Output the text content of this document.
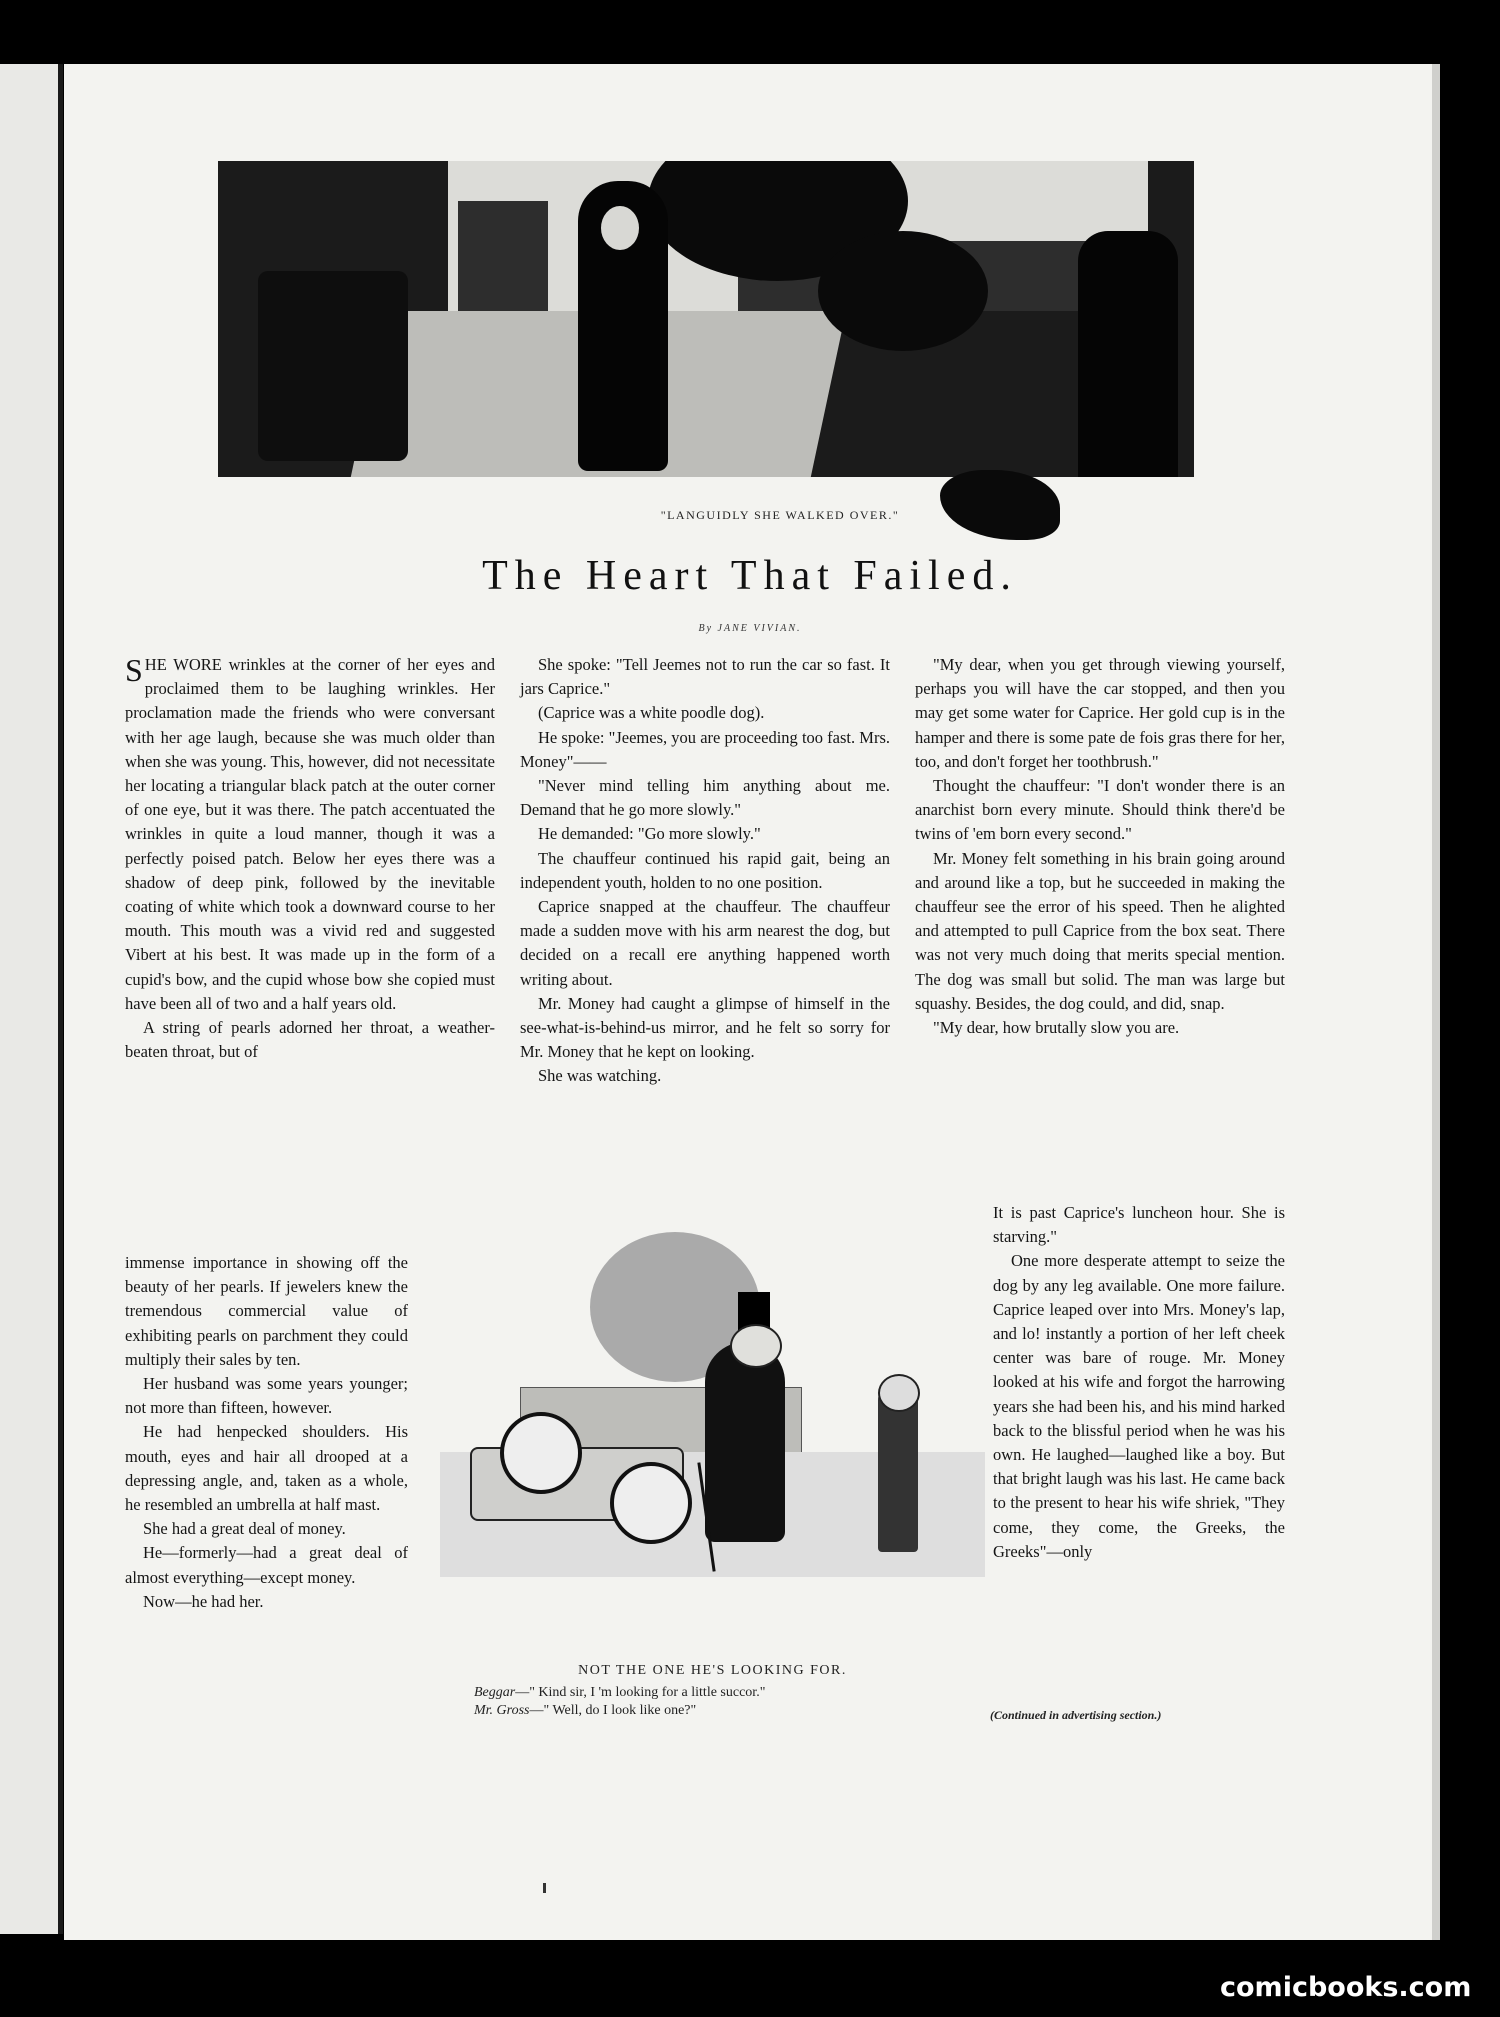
"LANGUIDLY SHE WALKED OVER."
The Heart That Failed.
By JANE VIVIAN.

SHE WORE wrinkles at the corner of her eyes and proclaimed them to be laughing wrinkles. Her proclamation made the friends who were conversant with her age laugh, because she was much older than when she was young. This, however, did not necessitate her locating a triangular black patch at the outer corner of one eye, but it was there. The patch accentuated the wrinkles in quite a loud manner, though it was a perfectly poised patch. Below her eyes there was a shadow of deep pink, followed by the inevitable coating of white which took a downward course to her mouth. This mouth was a vivid red and suggested Vibert at his best. It was made up in the form of a cupid's bow, and the cupid whose bow she copied must have been all of two and a half years old.

A string of pearls adorned her throat, a weather-beaten throat, but of

immense importance in showing off the beauty of her pearls. If jewelers knew the tremendous commercial value of exhibiting pearls on parchment they could multiply their sales by ten.

Her husband was some years younger; not more than fifteen, however.

He had henpecked shoulders. His mouth, eyes and hair all drooped at a depressing angle, and, taken as a whole, he resembled an umbrella at half mast.

She had a great deal of money.

He—formerly—had a great deal of almost everything—except money.

Now—he had her.

She spoke: "Tell Jeemes not to run the car so fast. It jars Caprice."

(Caprice was a white poodle dog).

He spoke: "Jeemes, you are proceeding too fast. Mrs. Money"——

"Never mind telling him anything about me. Demand that he go more slowly."

He demanded: "Go more slowly."

The chauffeur continued his rapid gait, being an independent youth, holden to no one position.

Caprice snapped at the chauffeur. The chauffeur made a sudden move with his arm nearest the dog, but decided on a recall ere anything happened worth writing about.

Mr. Money had caught a glimpse of himself in the see-what-is-behind-us mirror, and he felt so sorry for Mr. Money that he kept on looking.

She was watching.

"My dear, when you get through viewing yourself, perhaps you will have the car stopped, and then you may get some water for Caprice. Her gold cup is in the hamper and there is some pate de fois gras there for her, too, and don't forget her toothbrush."

Thought the chauffeur: "I don't wonder there is an anarchist born every minute. Should think there'd be twins of 'em born every second."

Mr. Money felt something in his brain going around and around like a top, but he succeeded in making the chauffeur see the error of his speed. Then he alighted and attempted to pull Caprice from the box seat. There was not very much doing that merits special mention. The dog was small but solid. The man was large but squashy. Besides, the dog could, and did, snap.

"My dear, how brutally slow you are.

It is past Caprice's luncheon hour. She is starving."

One more desperate attempt to seize the dog by any leg available. One more failure. Caprice leaped over into Mrs. Money's lap, and lo! instantly a portion of her left cheek center was bare of rouge. Mr. Money looked at his wife and forgot the harrowing years she had been his, and his mind harked back to the blissful period when he was his own. He laughed—laughed like a boy. But that bright laugh was his last. He came back to the present to hear his wife shriek, "They come, they come, the Greeks, the Greeks"—only

NOT THE ONE HE'S LOOKING FOR.
Beggar—" Kind sir, I 'm looking for a little succor."
Mr. Gross—" Well, do I look like one?"	(Continued in advertising section.)
comicbooks.com
